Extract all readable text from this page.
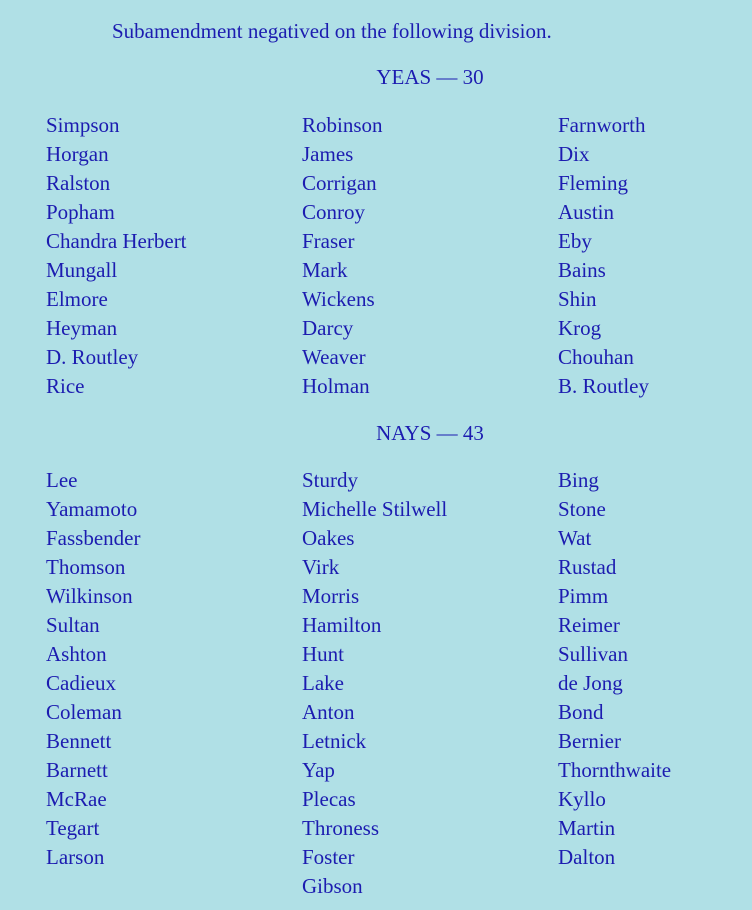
Subamendment negatived on the following division.

YEAS — 30

Simpson
Horgan
Ralston
Popham
Chandra Herbert
Mungall
Elmore
Heyman
D. Routley
Rice
Robinson
James
Corrigan
Conroy
Fraser
Mark
Wickens
Darcy
Weaver
Holman
Farnworth
Dix
Fleming
Austin
Eby
Bains
Shin
Krog
Chouhan
B. Routley

NAYS — 43

Lee
Yamamoto
Fassbender
Thomson
Wilkinson
Sultan
Ashton
Cadieux
Coleman
Bennett
Barnett
McRae
Tegart
Larson
Sturdy
Michelle Stilwell
Oakes
Virk
Morris
Hamilton
Hunt
Lake
Anton
Letnick
Yap
Plecas
Throness
Foster
Gibson
Bing
Stone
Wat
Rustad
Pimm
Reimer
Sullivan
de Jong
Bond
Bernier
Thornthwaite
Kyllo
Martin
Dalton
